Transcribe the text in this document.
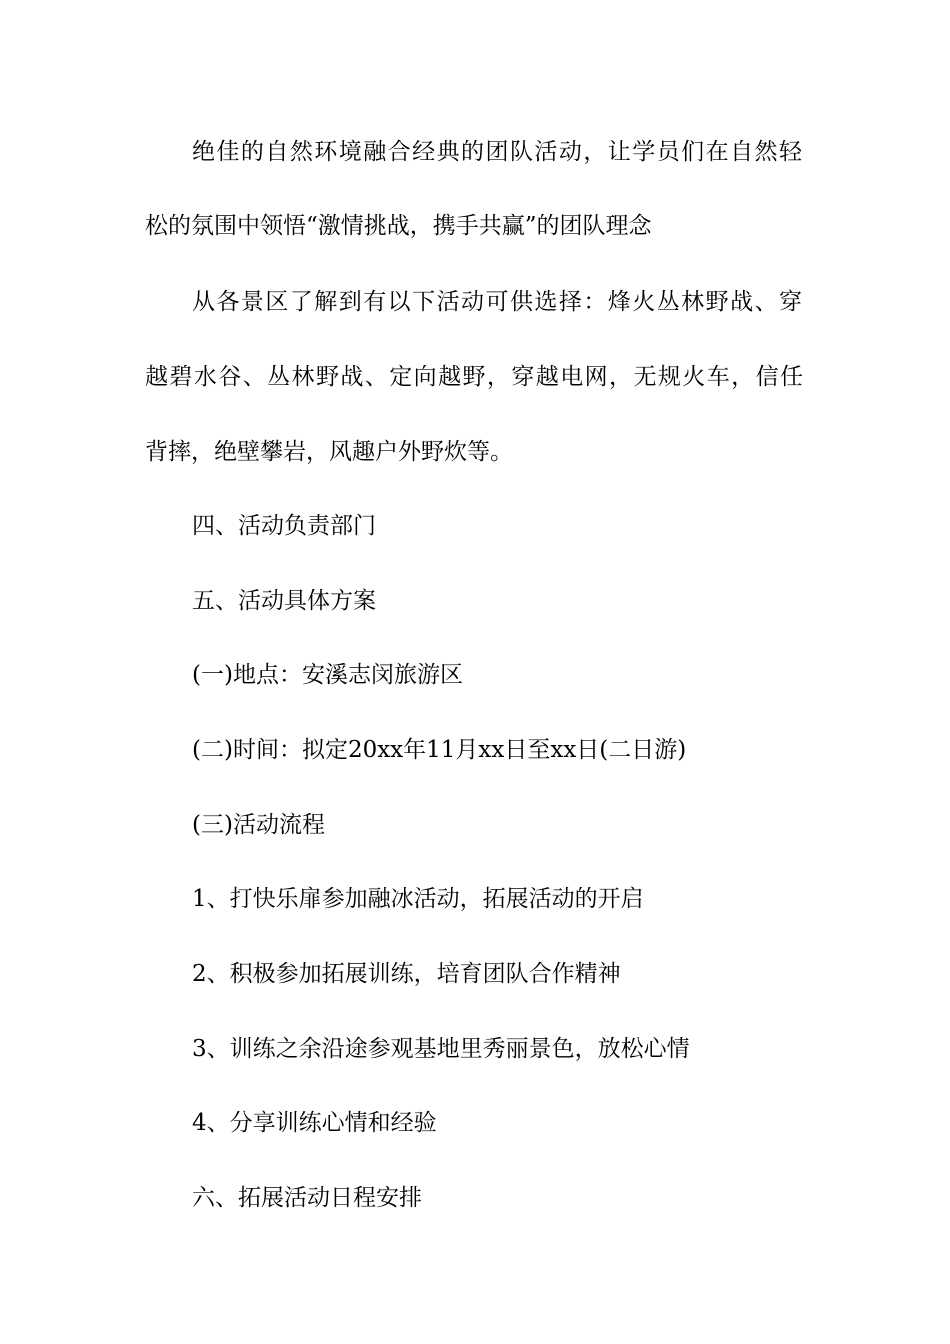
绝佳的自然环境融合经典的团队活动，让学员们在自然轻
松的氛围中领悟“激情挑战，携手共赢”的团队理念
从各景区了解到有以下活动可供选择：烽火丛林野战、穿
越碧水谷、丛林野战、定向越野，穿越电网，无规火车，信任
背摔，绝壁攀岩，风趣户外野炊等。
四、活动负责部门
五、活动具体方案
(一)地点：安溪志闵旅游区
(二)时间：拟定20xx年11月xx日至xx日(二日游)
(三)活动流程
1、打快乐扉参加融冰活动，拓展活动的开启
2、积极参加拓展训练，培育团队合作精神
3、训练之余沿途参观基地里秀丽景色，放松心情
4、分享训练心情和经验
六、拓展活动日程安排
